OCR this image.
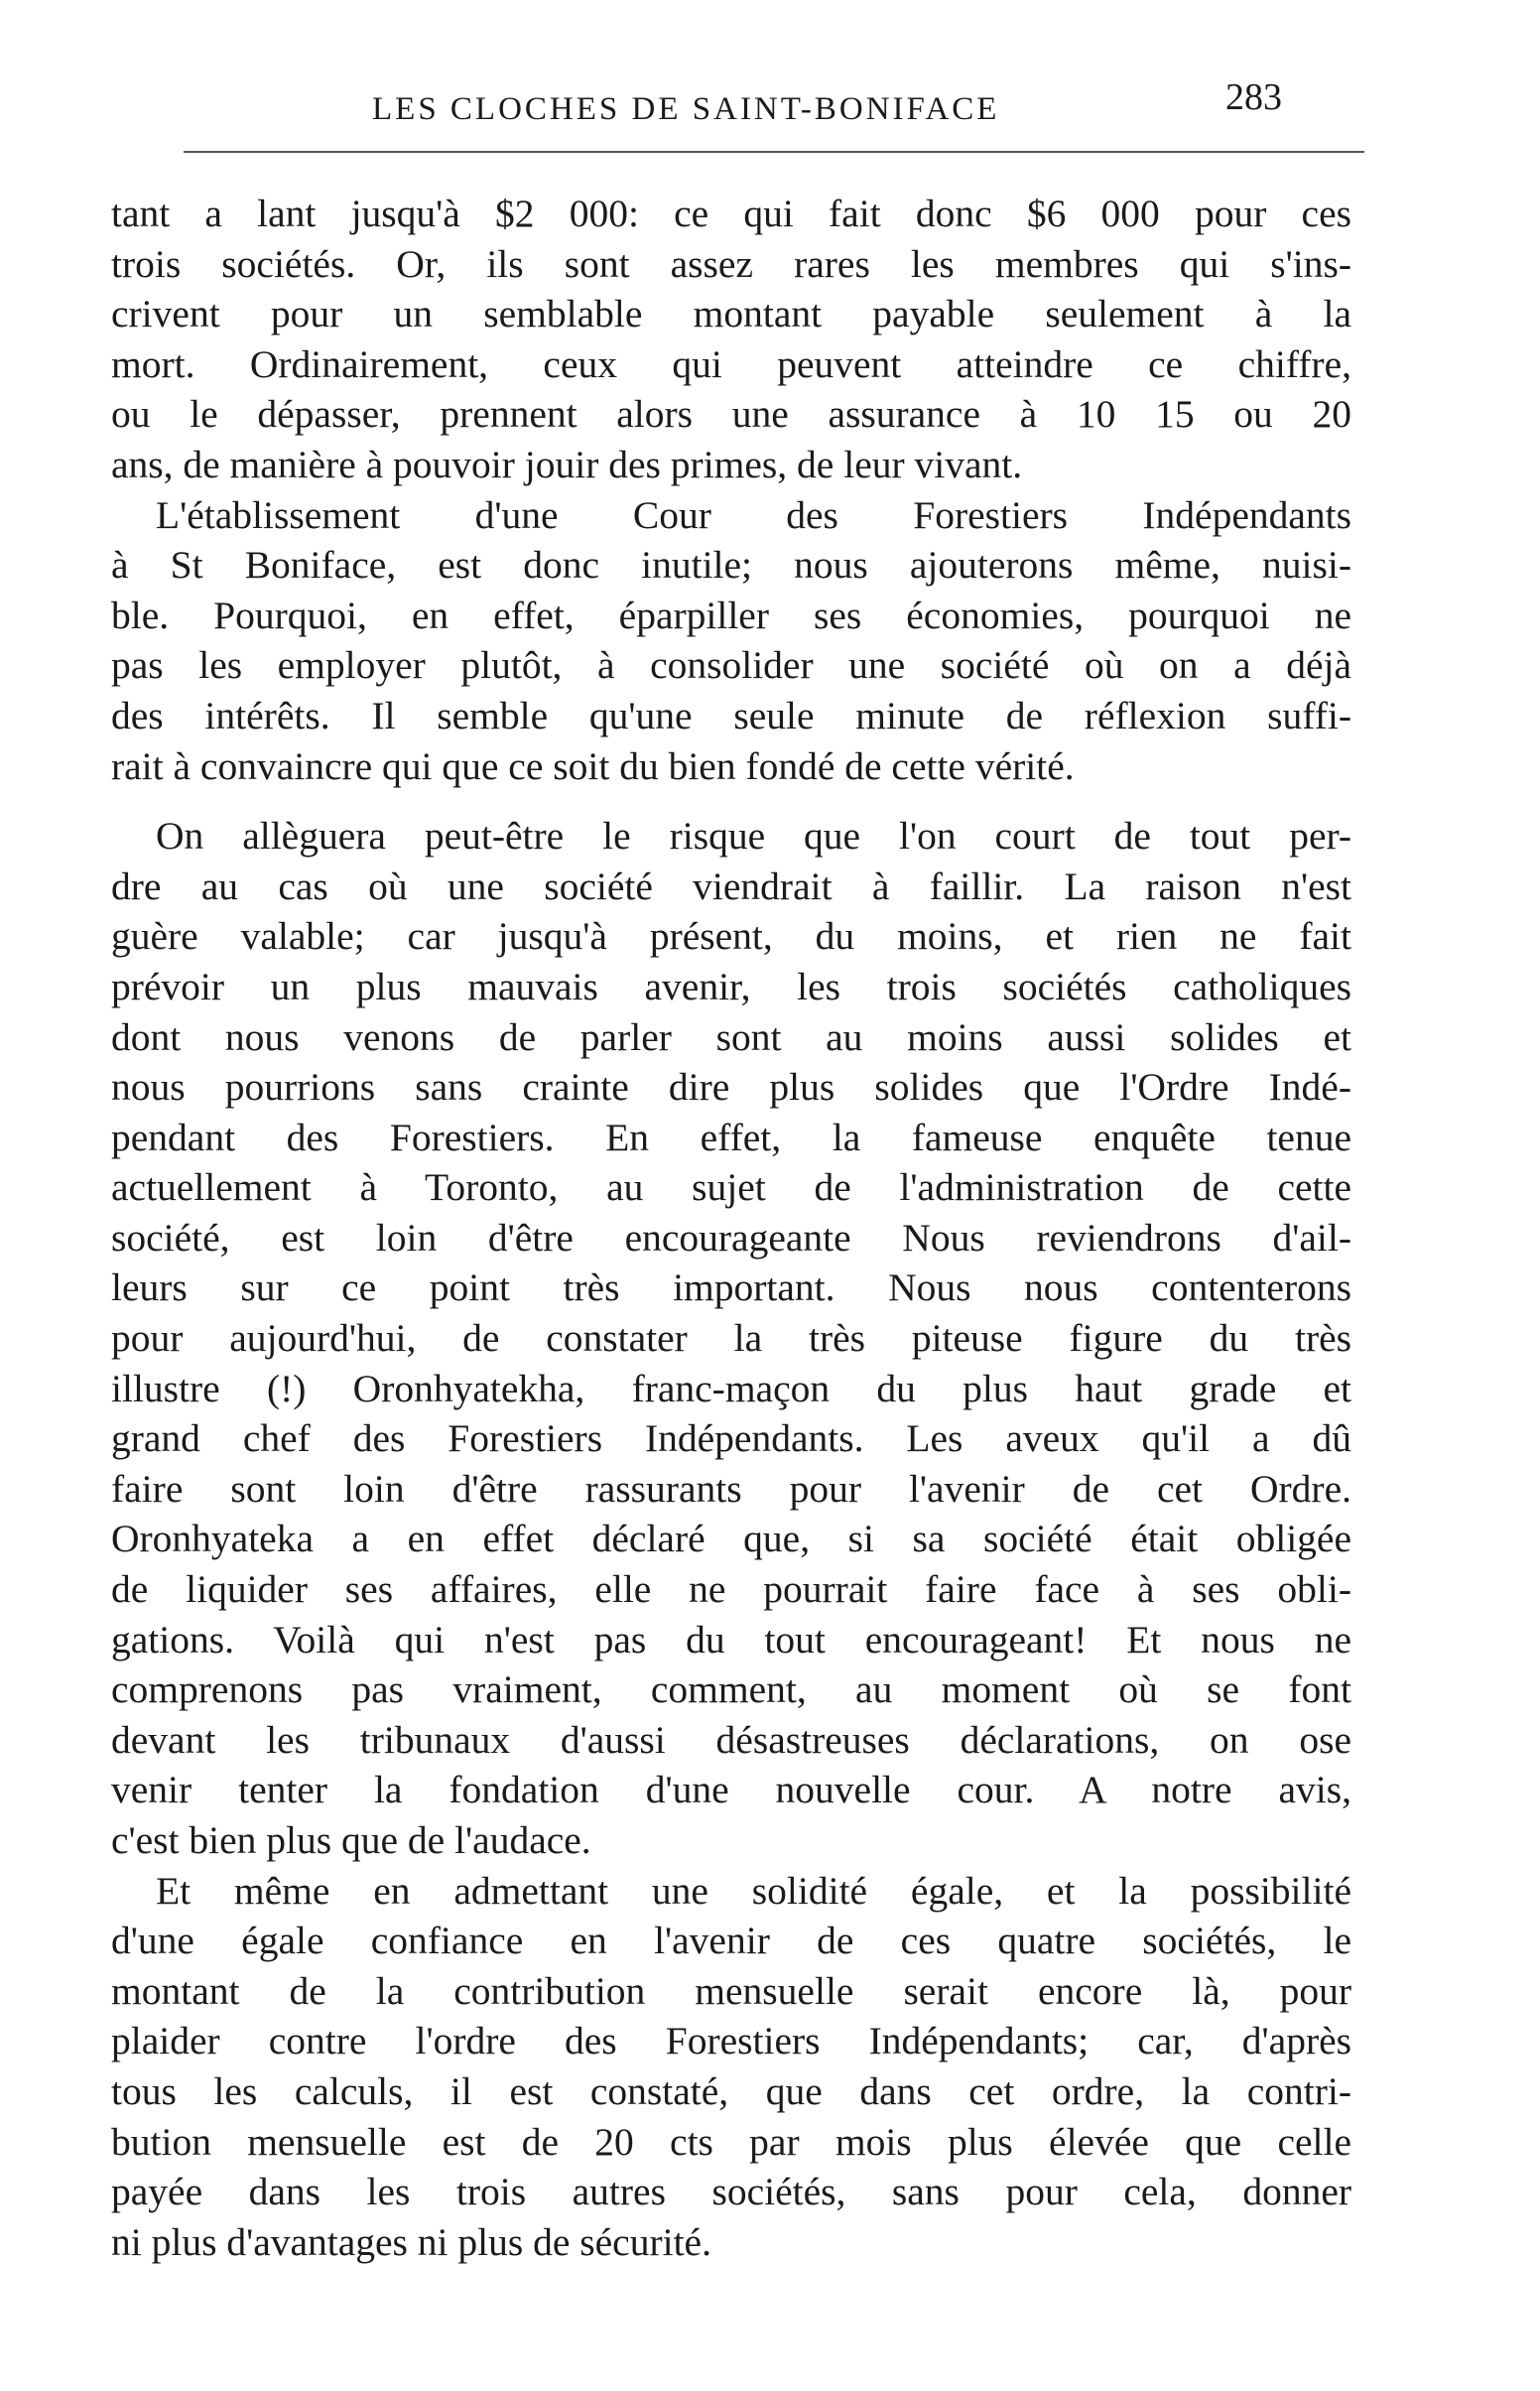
LES CLOCHES DE SAINT-BONIFACE	283
tant a lant jusqu'à $2 000: ce qui fait donc $6 000 pour ces
trois sociétés. Or, ils sont assez rares les membres qui s'ins-
crivent pour un semblable montant payable seulement à la
mort. Ordinairement, ceux qui peuvent atteindre ce chiffre,
ou le dépasser, prennent alors une assurance à 10 15 ou 20
ans, de manière à pouvoir jouir des primes, de leur vivant.
L'établissement d'une Cour des Forestiers Indépendants
à St Boniface, est donc inutile; nous ajouterons même, nuisi-
ble. Pourquoi, en effet, éparpiller ses économies, pourquoi ne
pas les employer plutôt, à consolider une société où on a déjà
des intérêts. Il semble qu'une seule minute de réflexion suffi-
rait à convaincre qui que ce soit du bien fondé de cette vérité.
On allèguera peut-être le risque que l'on court de tout per-
dre au cas où une société viendrait à faillir. La raison n'est
guère valable; car jusqu'à présent, du moins, et rien ne fait
prévoir un plus mauvais avenir, les trois sociétés catholiques
dont nous venons de parler sont au moins aussi solides et
nous pourrions sans crainte dire plus solides que l'Ordre Indé-
pendant des Forestiers. En effet, la fameuse enquête tenue
actuellement à Toronto, au sujet de l'administration de cette
société, est loin d'être encourageante Nous reviendrons d'ail-
leurs sur ce point très important. Nous nous contenterons
pour aujourd'hui, de constater la très piteuse figure du très
illustre (!) Oronhyatekha, franc-maçon du plus haut grade et
grand chef des Forestiers Indépendants. Les aveux qu'il a dû
faire sont loin d'être rassurants pour l'avenir de cet Ordre.
Oronhyateka a en effet déclaré que, si sa société était obligée
de liquider ses affaires, elle ne pourrait faire face à ses obli-
gations. Voilà qui n'est pas du tout encourageant! Et nous ne
comprenons pas vraiment, comment, au moment où se font
devant les tribunaux d'aussi désastreuses déclarations, on ose
venir tenter la fondation d'une nouvelle cour. A notre avis,
c'est bien plus que de l'audace.
Et même en admettant une solidité égale, et la possibilité
d'une égale confiance en l'avenir de ces quatre sociétés, le
montant de la contribution mensuelle serait encore là, pour
plaider contre l'ordre des Forestiers Indépendants; car, d'après
tous les calculs, il est constaté, que dans cet ordre, la contri-
bution mensuelle est de 20 cts par mois plus élevée que celle
payée dans les trois autres sociétés, sans pour cela, donner
ni plus d'avantages ni plus de sécurité.
